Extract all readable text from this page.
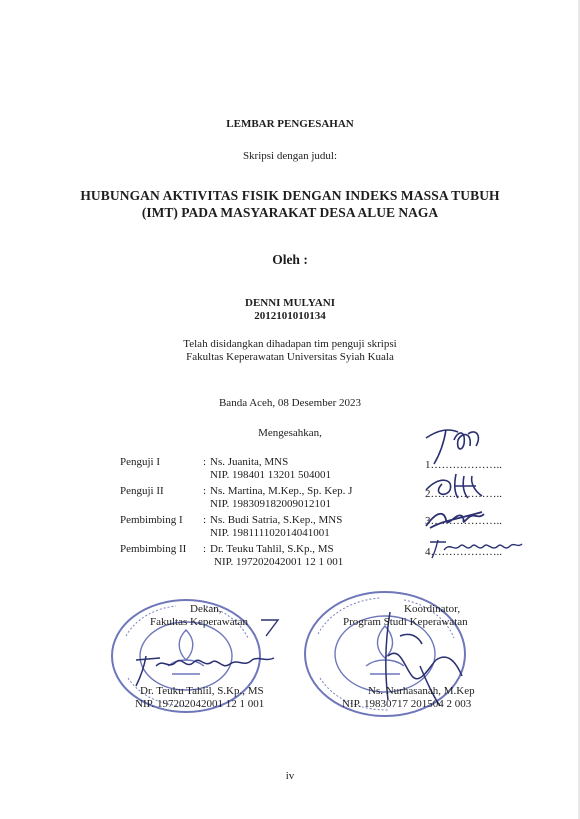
LEMBAR PENGESAHAN
Skripsi dengan judul:
HUBUNGAN AKTIVITAS FISIK DENGAN INDEKS MASSA TUBUH
(IMT) PADA MASYARAKAT DESA ALUE NAGA
Oleh :
DENNI MULYANI
2012101010134
Telah disidangkan dihadapan tim penguji skripsi
Fakultas Keperawatan Universitas Syiah Kuala
Banda Aceh, 08 Desember 2023
Mengesahkan,
Penguji I	: Ns. Juanita, MNS
NIP. 198401 13201 504001
1………………..
Penguji II	: Ns. Martina, M.Kep., Sp. Kep. J
NIP. 198309182009012101
2………………..
Pembimbing I : Ns. Budi Satria, S.Kep., MNS
NIP. 198111102014041001
3………………..
Pembimbing II : Dr. Teuku Tahlil, S.Kp., MS
NIP. 197202042001 12 1 001
4………………..
Dekan,
Fakultas Keperawatan
Dr. Teuku Tahlil, S.Kp., MS
NIP. 197202042001 12 1 001
Koordinator,
Program Studi Keperawatan
Ns. Nurhasanah, M.Kep
NIP. 19830717 201504 2 003
iv
